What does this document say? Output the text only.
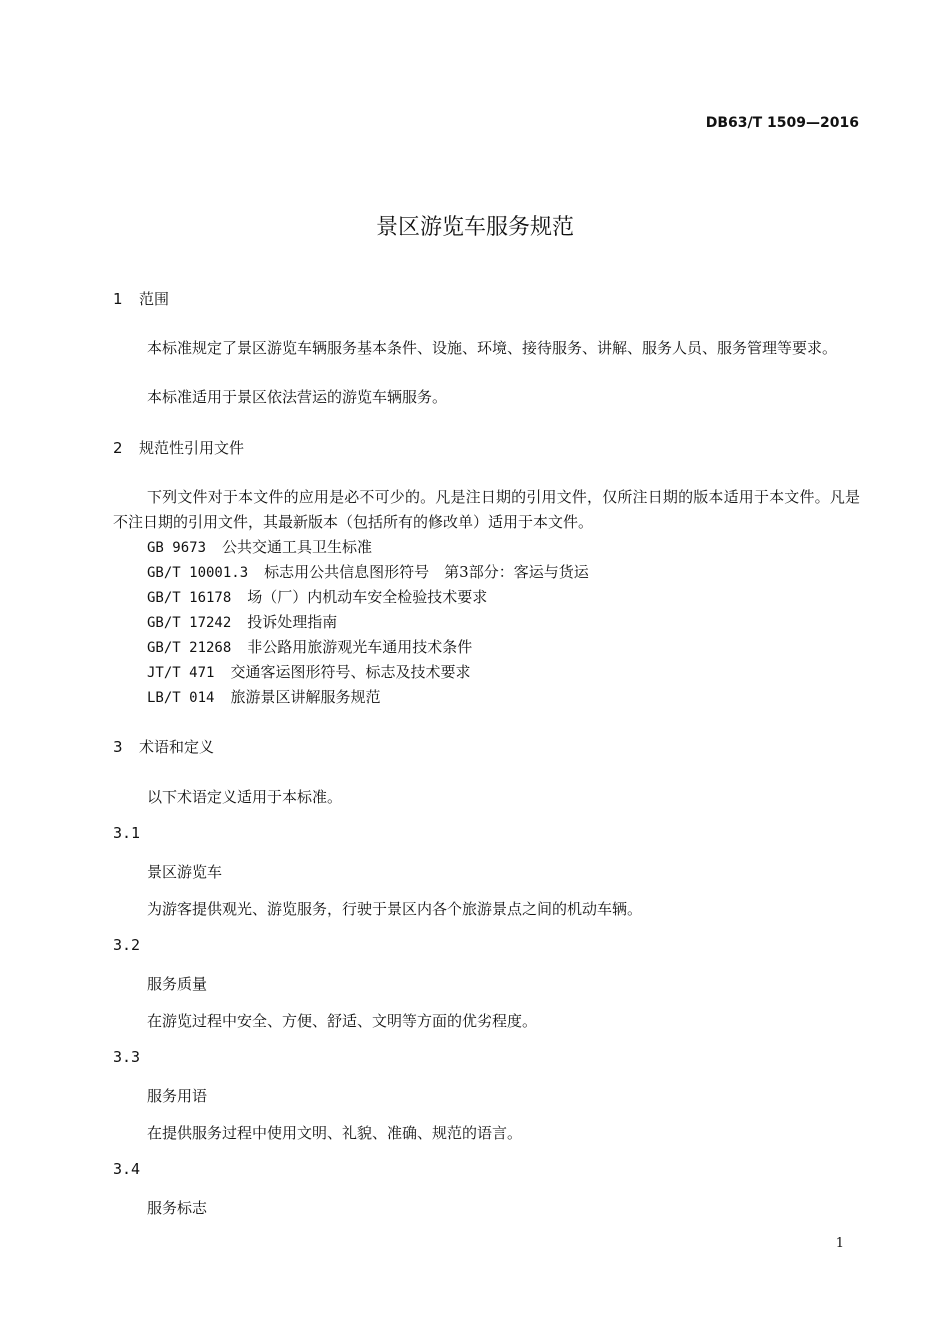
DB63/T 1509—2016
景区游览车服务规范
1 范围
本标准规定了景区游览车辆服务基本条件、设施、环境、接待服务、讲解、服务人员、服务管理等要求。
本标准适用于景区依法营运的游览车辆服务。
2 规范性引用文件
下列文件对于本文件的应用是必不可少的。凡是注日期的引用文件，仅所注日期的版本适用于本文件。凡是不注日期的引用文件，其最新版本（包括所有的修改单）适用于本文件。
GB 9673 公共交通工具卫生标准
GB/T 10001.3 标志用公共信息图形符号　第3部分：客运与货运
GB/T 16178 场（厂）内机动车安全检验技术要求
GB/T 17242 投诉处理指南
GB/T 21268 非公路用旅游观光车通用技术条件
JT/T 471 交通客运图形符号、标志及技术要求
LB/T 014 旅游景区讲解服务规范
3 术语和定义
以下术语定义适用于本标准。
3.1
景区游览车
为游客提供观光、游览服务，行驶于景区内各个旅游景点之间的机动车辆。
3.2
服务质量
在游览过程中安全、方便、舒适、文明等方面的优劣程度。
3.3
服务用语
在提供服务过程中使用文明、礼貌、准确、规范的语言。
3.4
服务标志
1
